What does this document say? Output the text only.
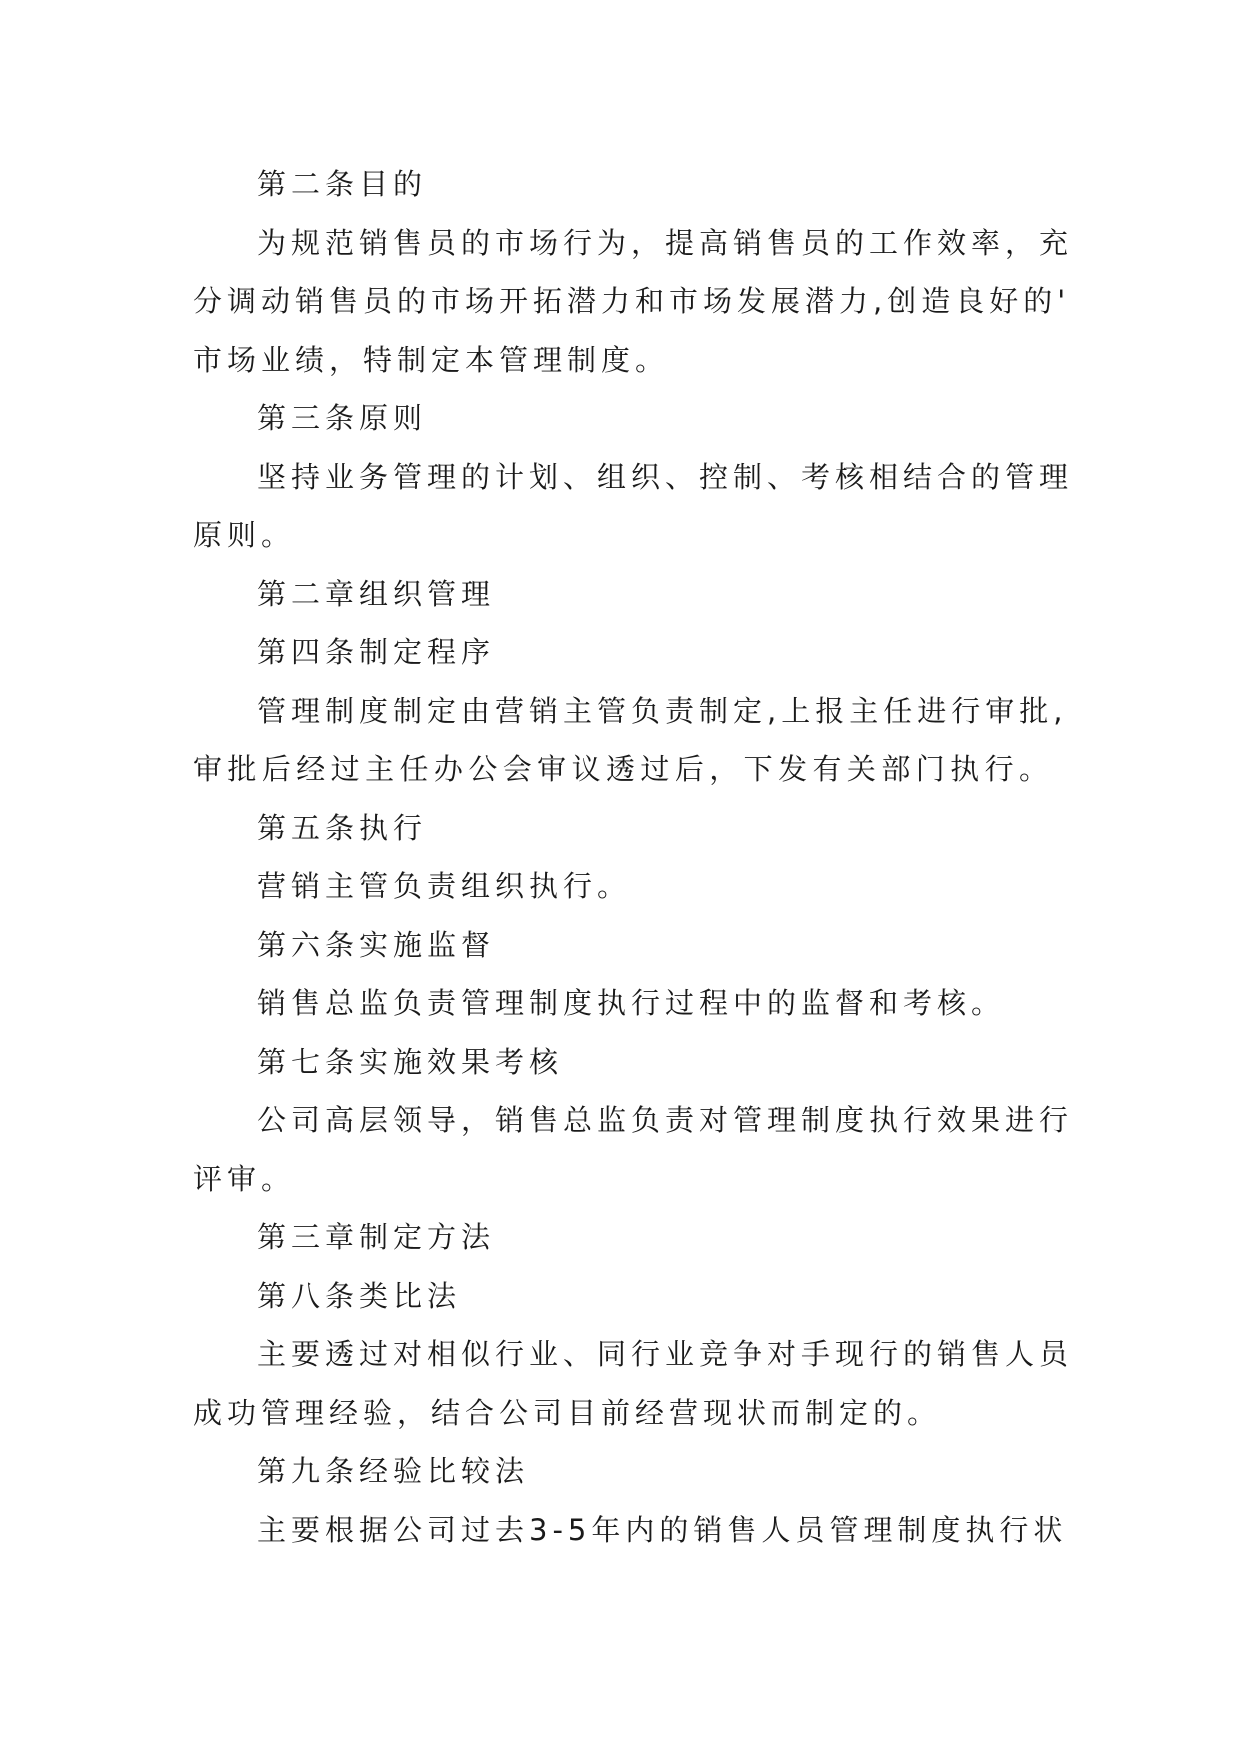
第二条目的
为规范销售员的市场行为，提高销售员的工作效率，充
分调动销售员的市场开拓潜力和市场发展潜力,创造良好的'
市场业绩，特制定本管理制度。
第三条原则
坚持业务管理的计划、组织、控制、考核相结合的管理
原则。
第二章组织管理
第四条制定程序
管理制度制定由营销主管负责制定,上报主任进行审批,
审批后经过主任办公会审议透过后，下发有关部门执行。
第五条执行
营销主管负责组织执行。
第六条实施监督
销售总监负责管理制度执行过程中的监督和考核。
第七条实施效果考核
公司高层领导，销售总监负责对管理制度执行效果进行
评审。
第三章制定方法
第八条类比法
主要透过对相似行业、同行业竞争对手现行的销售人员
成功管理经验，结合公司目前经营现状而制定的。
第九条经验比较法
主要根据公司过去3-5年内的销售人员管理制度执行状
